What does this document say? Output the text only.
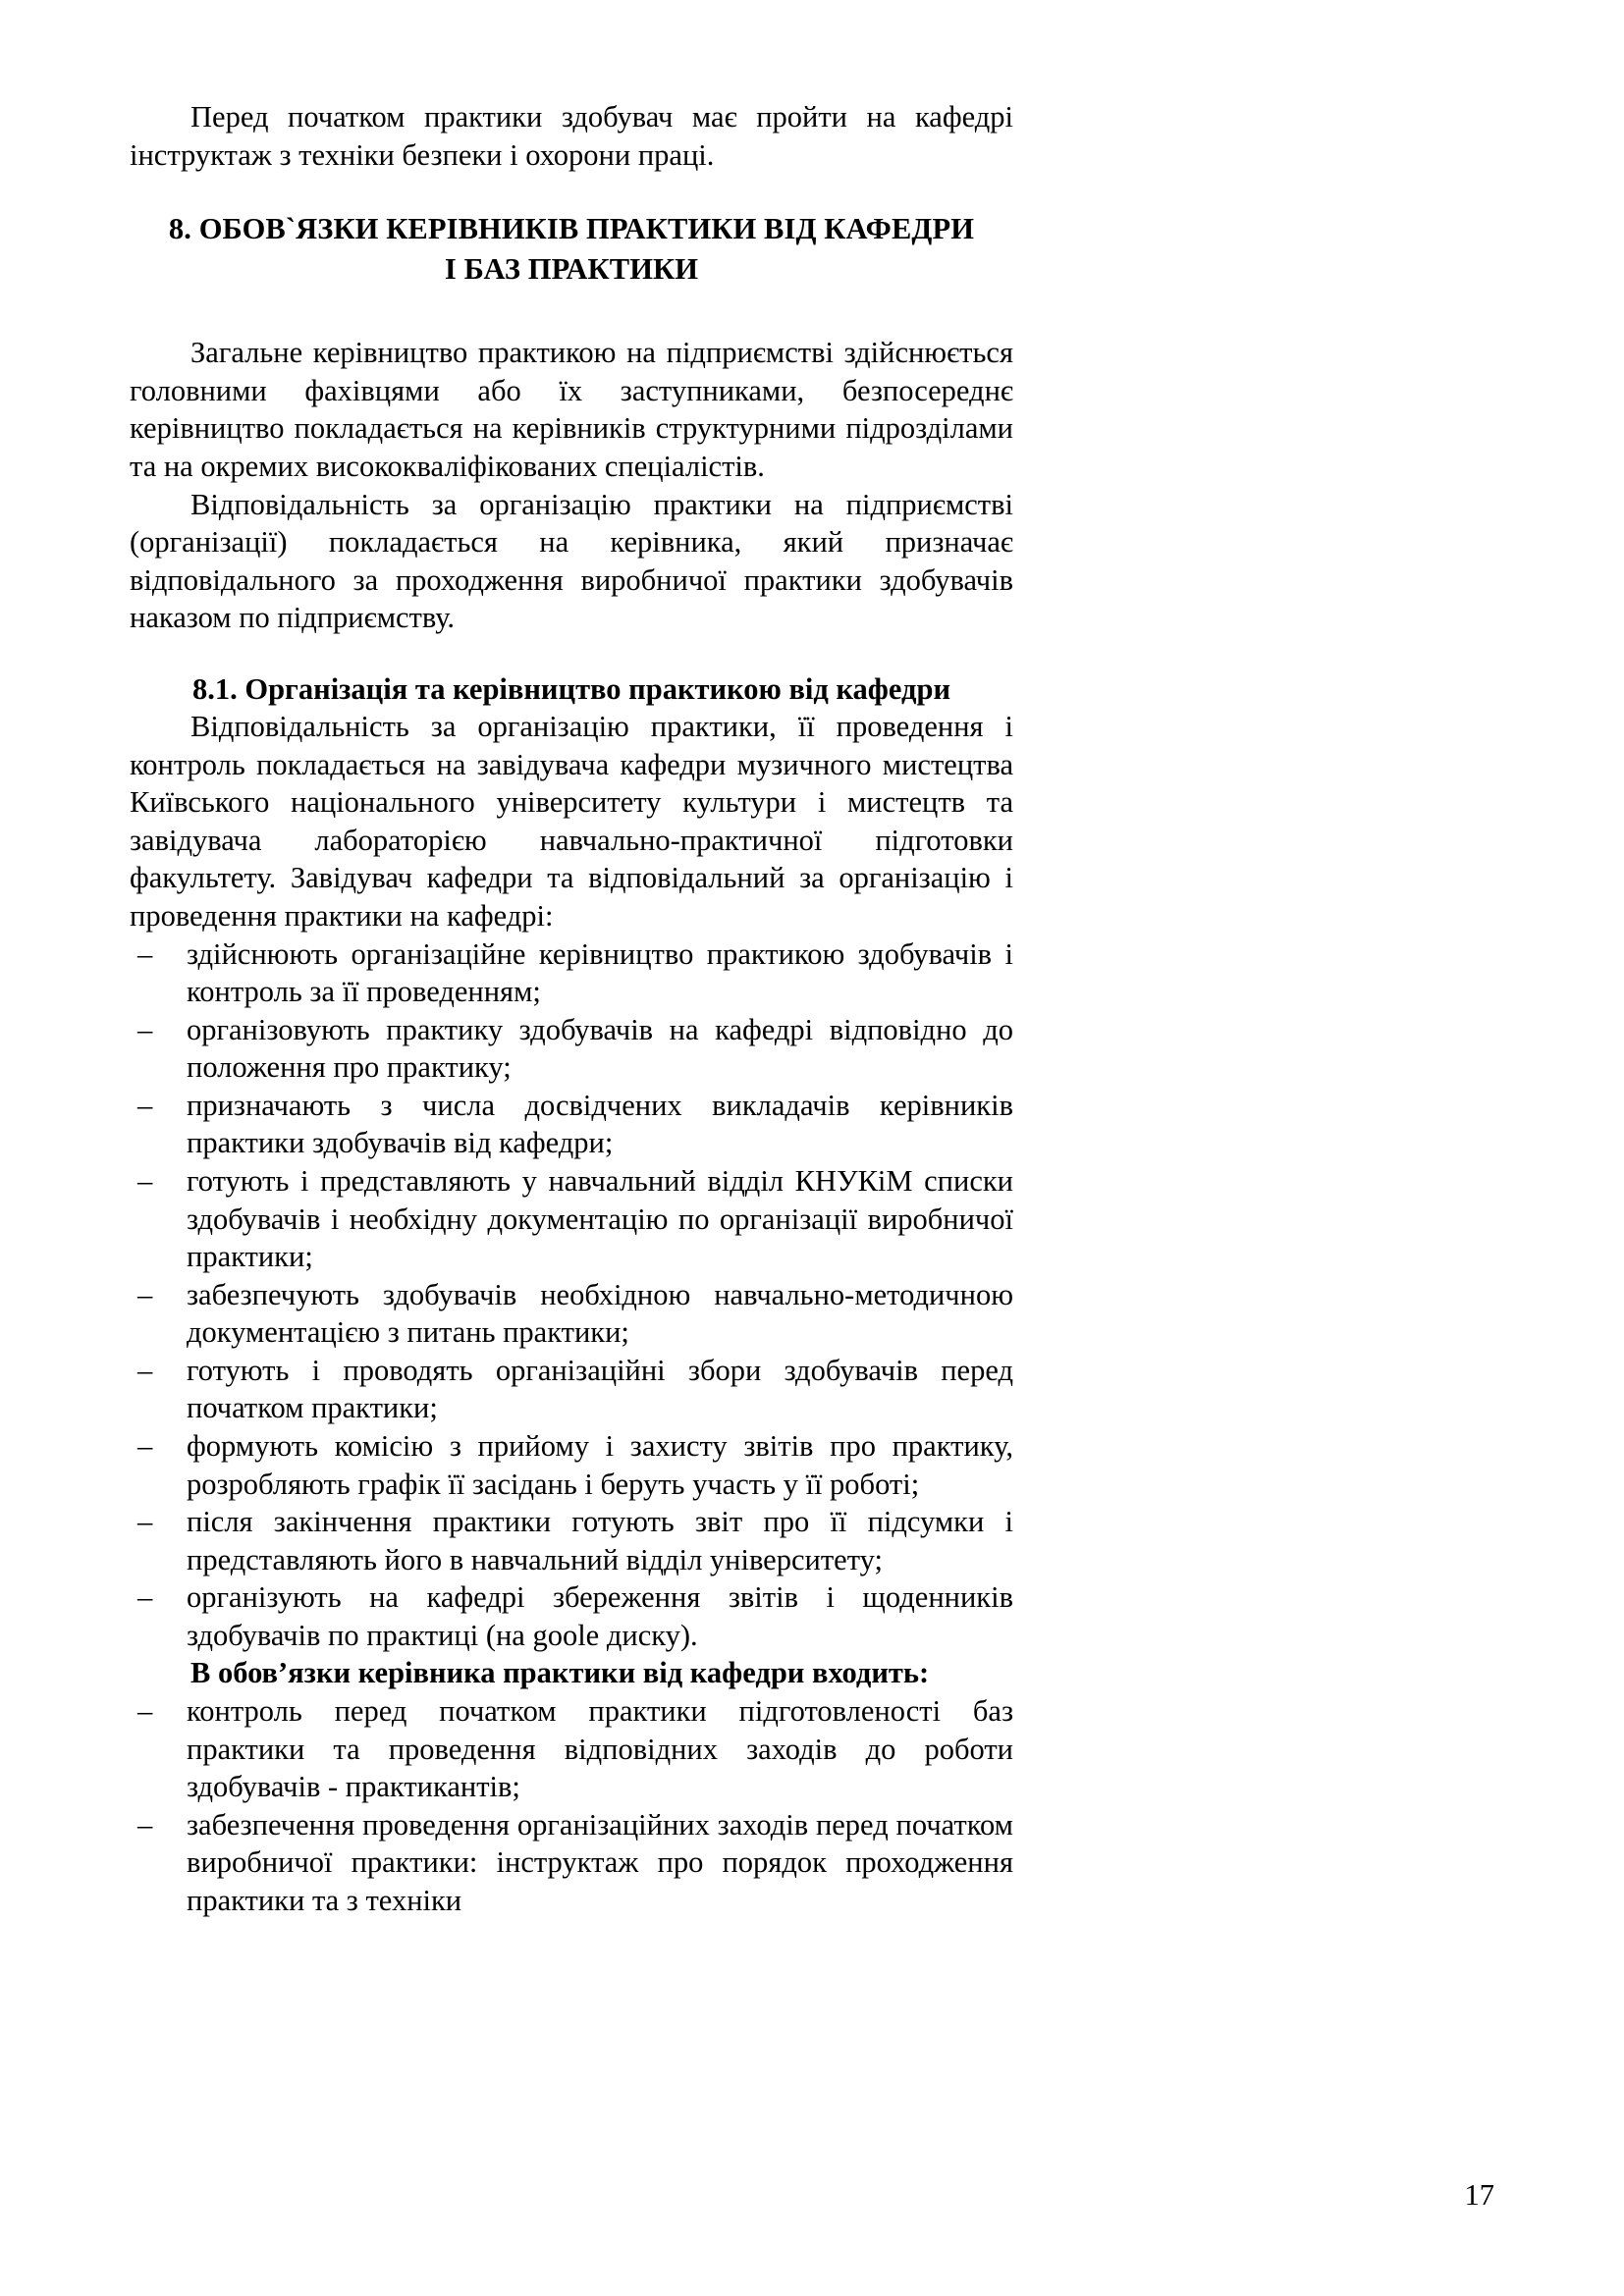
Перед початком практики здобувач має пройти на кафедрі інструктаж з техніки безпеки і охорони праці.

8. ОБОВ`ЯЗКИ КЕРІВНИКІВ ПРАКТИКИ ВІД КАФЕДРИ
І БАЗ ПРАКТИКИ

Загальне керівництво практикою на підприємстві здійснюється головними фахівцями або їх заступниками, безпосереднє керівництво покладається на керівників структурними підрозділами та на окремих висококваліфікованих спеціалістів.

Відповідальність за організацію практики на підприємстві (організації) покладається на керівника, який призначає відповідального за проходження виробничої практики здобувачів наказом по підприємству.

8.1. Організація та керівництво практикою від кафедри

Відповідальність за організацію практики, її проведення і контроль покладається на завідувача кафедри музичного мистецтва Київського національного університету культури і мистецтв та завідувача лабораторією навчально-практичної підготовки факультету. Завідувач кафедри та відповідальний за організацію і проведення практики на кафедрі:

– здійснюють організаційне керівництво практикою здобувачів і контроль за її проведенням;
– організовують практику здобувачів на кафедрі відповідно до положення про практику;
– призначають з числа досвідчених викладачів керівників практики здобувачів від кафедри;
– готують і представляють у навчальний відділ КНУКіМ списки здобувачів і необхідну документацію по організації виробничої практики;
– забезпечують здобувачів необхідною навчально-методичною документацією з питань практики;
– готують і проводять організаційні збори здобувачів перед початком практики;
– формують комісію з прийому і захисту звітів про практику, розробляють графік її засідань і беруть участь у її роботі;
– після закінчення практики готують звіт про її підсумки і представляють його в навчальний відділ університету;
– організують на кафедрі збереження звітів і щоденників здобувачів по практиці (на goole диску).

В обов’язки керівника практики від кафедри входить:

– контроль перед початком практики підготовленості баз практики та проведення відповідних заходів до роботи здобувачів - практикантів;
– забезпечення проведення організаційних заходів перед початком виробничої практики: інструктаж про порядок проходження практики та з техніки
17
